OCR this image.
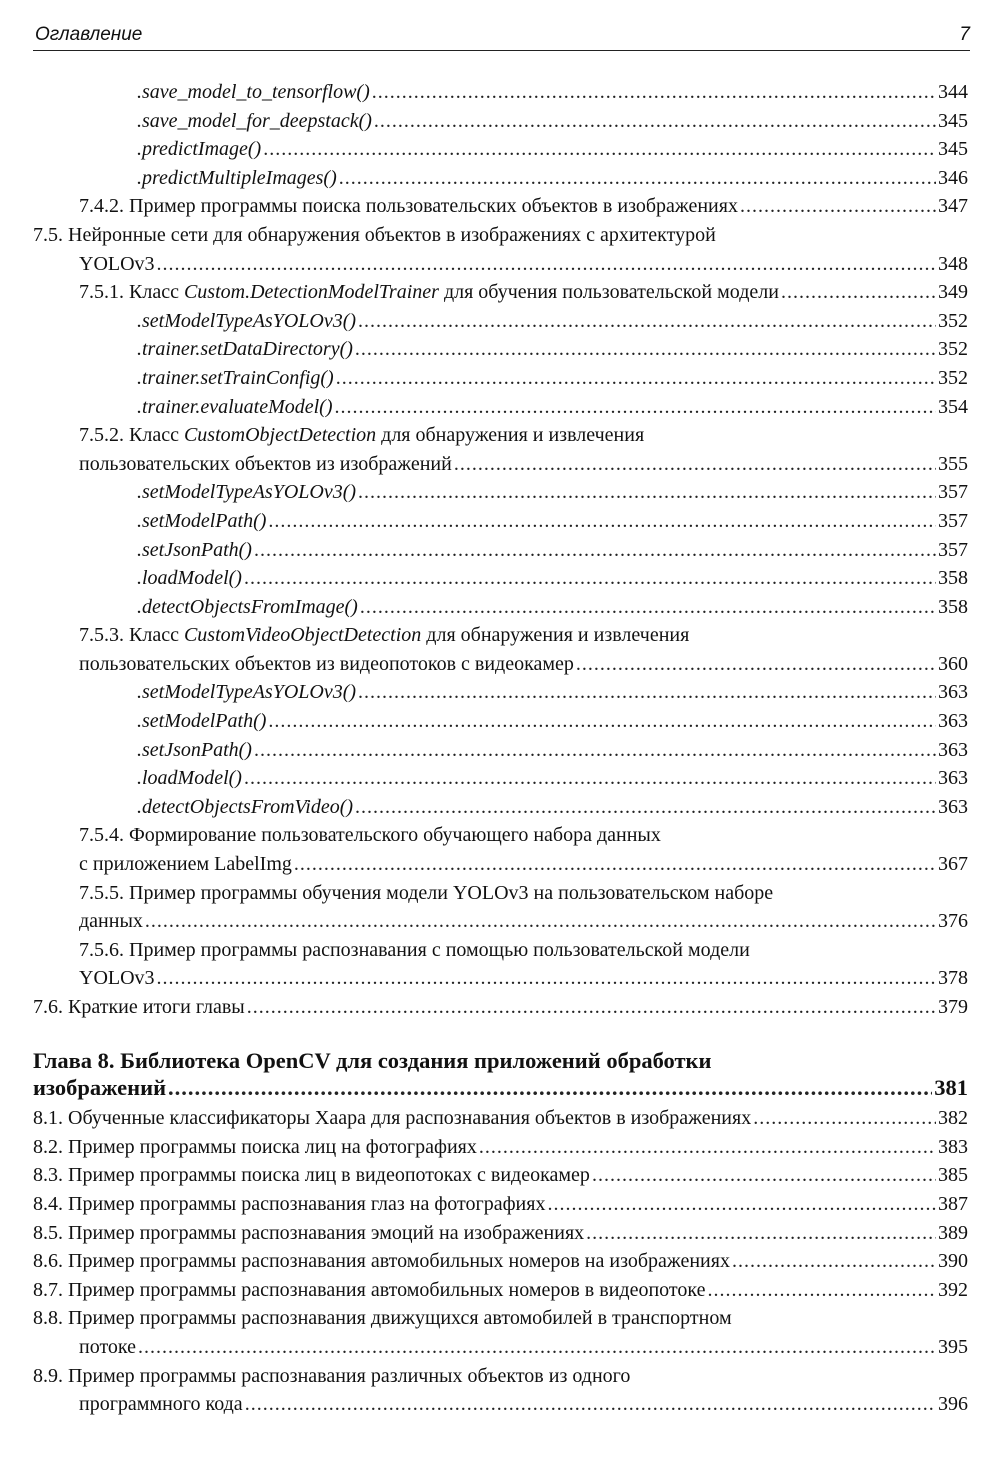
Оглавление	7
.save_model_to_tensorflow() .....	344
.save_model_for_deepstack() .....	345
.predictImage() .....	345
.predictMultipleImages() .....	346
7.4.2. Пример программы поиска пользовательских объектов в изображениях .....	347
7.5. Нейронные сети для обнаружения объектов в изображениях с архитектурой
YOLOv3 .....	348
7.5.1. Класс Custom.DetectionModelTrainer для обучения пользовательской модели .....	349
.setModelTypeAsYOLOv3() .....	352
.trainer.setDataDirectory() .....	352
.trainer.setTrainConfig() .....	352
.trainer.evaluateModel() .....	354
7.5.2. Класс CustomObjectDetection для обнаружения и извлечения
пользовательских объектов из изображений .....	355
.setModelTypeAsYOLOv3() .....	357
.setModelPath() .....	357
.setJsonPath() .....	357
.loadModel() .....	358
.detectObjectsFromImage() .....	358
7.5.3. Класс CustomVideoObjectDetection для обнаружения и извлечения
пользовательских объектов из видеопотоков с видеокамер .....	360
.setModelTypeAsYOLOv3() .....	363
.setModelPath() .....	363
.setJsonPath() .....	363
.loadModel() .....	363
.detectObjectsFromVideo() .....	363
7.5.4. Формирование пользовательского обучающего набора данных
с приложением LabelImg .....	367
7.5.5. Пример программы обучения модели YOLOv3 на пользовательском наборе
данных .....	376
7.5.6. Пример программы распознавания с помощью пользовательской модели
YOLOv3 .....	378
7.6. Краткие итоги главы .....	379
Глава 8. Библиотека OpenCV для создания приложений обработки
изображений .....	381
8.1. Обученные классификаторы Хаара для распознавания объектов в изображениях .....	382
8.2. Пример программы поиска лиц на фотографиях .....	383
8.3. Пример программы поиска лиц в видеопотоках с видеокамер .....	385
8.4. Пример программы распознавания глаз на фотографиях .....	387
8.5. Пример программы распознавания эмоций на изображениях .....	389
8.6. Пример программы распознавания автомобильных номеров на изображениях .....	390
8.7. Пример программы распознавания автомобильных номеров в видеопотоке .....	392
8.8. Пример программы распознавания движущихся автомобилей в транспортном
потоке .....	395
8.9. Пример программы распознавания различных объектов из одного
программного кода .....	396
